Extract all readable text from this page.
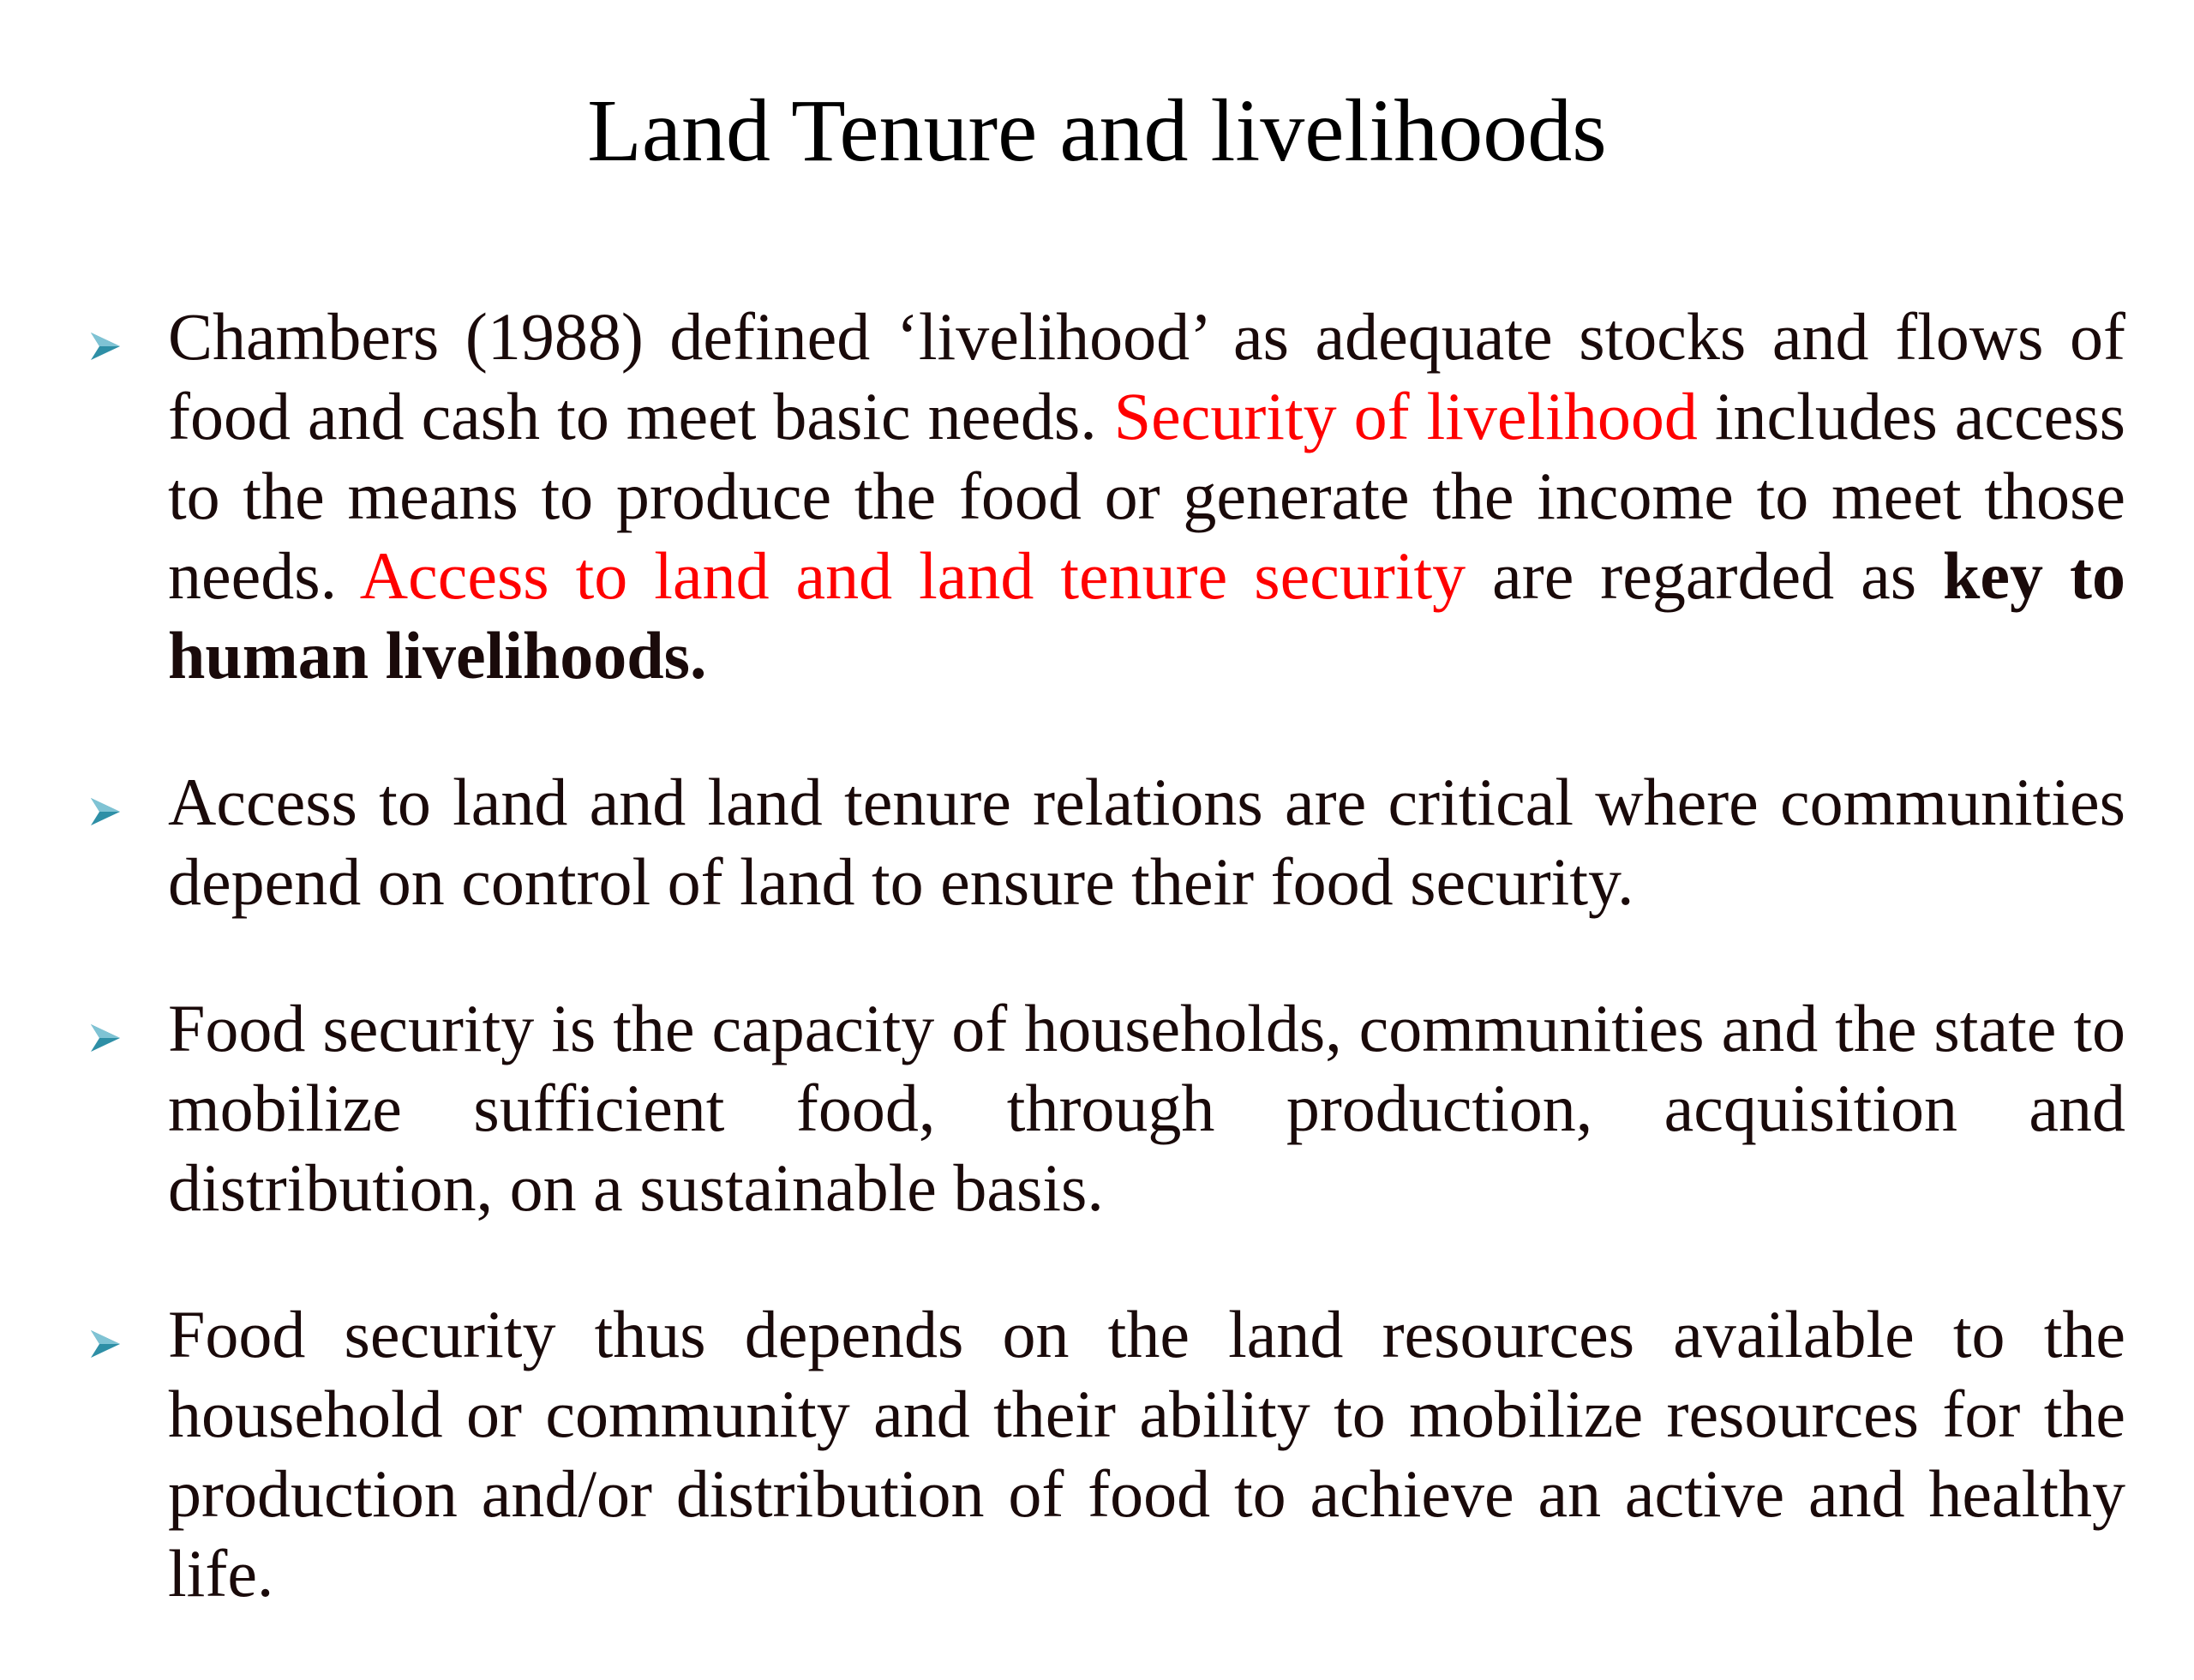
Land Tenure and livelihoods

Chambers (1988) defined ‘livelihood’ as adequate stocks and flows of food and cash to meet basic needs. Security of livelihood includes access to the means to produce the food or generate the income to meet those needs. Access to land and land tenure security are regarded as key to human livelihoods.

Access to land and land tenure relations are critical where communities depend on control of land to ensure their food security.

Food security is the capacity of households, communities and the state to mobilize sufficient food, through production, acquisition and distribution, on a sustainable basis.

Food security thus depends on the land resources available to the household or community and their ability to mobilize resources for the production and/or distribution of food to achieve an active and healthy life.
